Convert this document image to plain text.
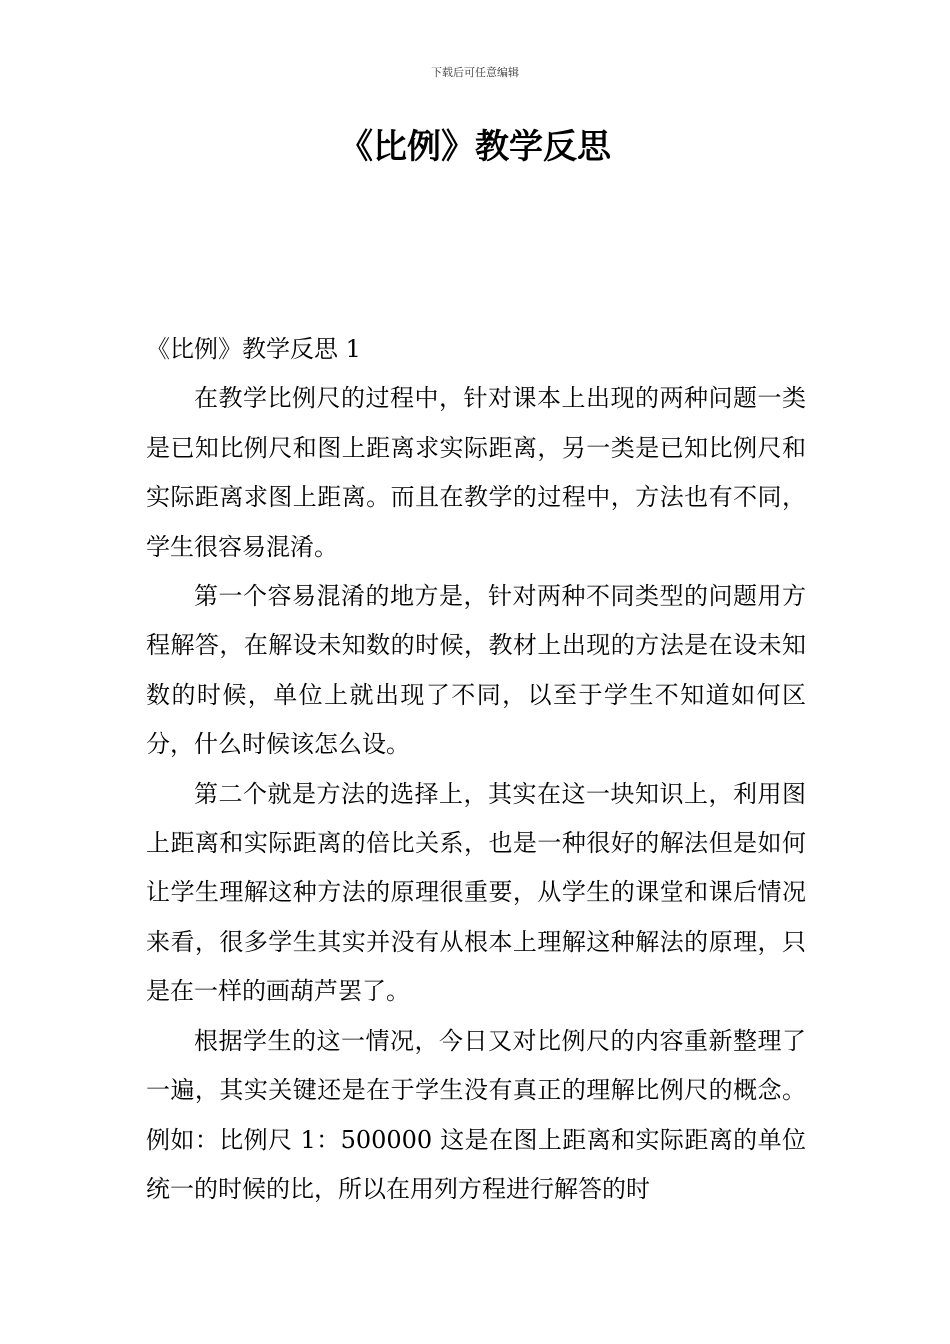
下载后可任意编辑
《比例》教学反思
《比例》教学反思 1

在教学比例尺的过程中，针对课本上出现的两种问题一类是已知比例尺和图上距离求实际距离，另一类是已知比例尺和实际距离求图上距离。而且在教学的过程中，方法也有不同，学生很容易混淆。

第一个容易混淆的地方是，针对两种不同类型的问题用方程解答，在解设未知数的时候，教材上出现的方法是在设未知数的时候，单位上就出现了不同，以至于学生不知道如何区分，什么时候该怎么设。

第二个就是方法的选择上，其实在这一块知识上，利用图上距离和实际距离的倍比关系，也是一种很好的解法但是如何让学生理解这种方法的原理很重要，从学生的课堂和课后情况来看，很多学生其实并没有从根本上理解这种解法的原理，只是在一样的画葫芦罢了。

根据学生的这一情况，今日又对比例尺的内容重新整理了一遍，其实关键还是在于学生没有真正的理解比例尺的概念。例如：比例尺 1：500000 这是在图上距离和实际距离的单位统一的时候的比，所以在用列方程进行解答的时
